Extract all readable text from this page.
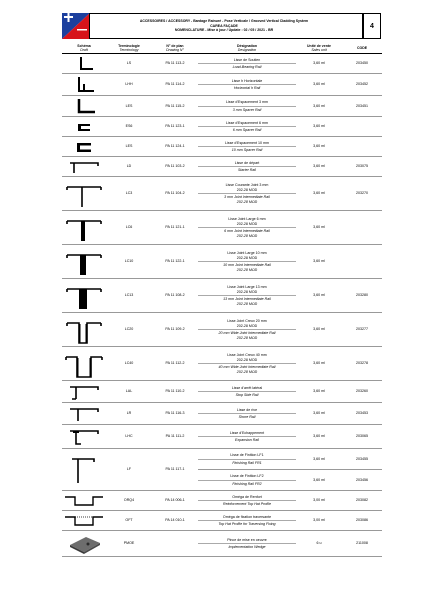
ACCESSOIRES / ACCESSORY - Bardage Rainuré - Pose Verticale / Grooved Vertical Cladding System
CAREA FAÇADE
NOMENCLATURE - Mise à jour / Update : 02 / 05 / 2021 - BR
4
Schéma
Draft	Terminologie
Terminology	N° de plan
Drawing N°	Désignation
Designation	Unité de vente
Sales unit	CODE

	LS	PA 11 113-2	Lisse de Soutien
Load-Bearing Rail	3,60 ml	203450

	LHH	PA 11 114-2	Lisse h Horizontale
Horizontal h Rail	3,60 ml	203452

	LES	PA 11 115-2	Lisse d'Espacement 3 mm
3 mm Spacer Rail	3,60 ml	203451

	ES6	PA 11 123-1	Lisse d'Espacement 6 mm
6 mm Spacer Rail	3,60 ml	

	LES	PA 11 124-1	Lisse d'Espacement 10 mm
10 mm Spacer Rail	3,60 ml	

	LD	PA 11 103-2	Lisse de départ
Starter Rail	3,60 ml	203075

	LC3	PA 11 104-2	Lisse Courante Joint 3 mm
202-28 MOD
3 mm Joint Intermediate Rail
202-28 MOD	3,60 ml	203270

	LC6	PA 11 121-1	Lisse Joint Large 6 mm
202-28 MOD
6 mm Joint Intermediate Rail
202-28 MOD	3,60 ml	

	LC10	PA 11 122-1	Lisse Joint Large 10 mm
202-28 MOD
10 mm Joint Intermediate Rail
202-28 MOD	3,60 ml	

	LC13	PA 11 108-2	Lisse Joint Large 13 mm
202-28 MOD
13 mm Joint Intermediate Rail
202-28 MOD	3,60 ml	203280

	LC20	PA 11 109-2	Lisse Joint Creux 20 mm
202-28 MOD
20 mm Wide Joint Intermediate Rail
202-28 MOD	3,60 ml	203277

	LC40	PA 11 112-2	Lisse Joint Creux 40 mm
202-28 MOD
40 mm Wide Joint Intermediate Rail
202-28 MOD	3,60 ml	203278

	LAL	PA 11 110-2	Lisse d'arrêt latéral
Stop Side Rail	3,60 ml	203260

	LR	PA 11 116-3	Lisse de rive
Shore Rail	3,60 ml	203453

	LHC	PA 11 111-2	Lisse d'Echappement
Expansion Rail	3,60 ml	203065

	LF	PA 11 117-1	Lisse de Finition LF1
Finishing Rail FR1	3,60 ml	203455

			Lisse de Finition LF2
Finishing Rail FR2	3,60 ml	203456

	ORQ4	PA 14 006-1	Oméga de Renfort
Reinforcement Top Hat Profile	3,00 ml	203082

	OFT	PA 14 010-1	Oméga de fixation traversante
Top Hat Profile for Traversing Fixing	3,00 ml	203086

	PMOE		Pince de mise en oeuvre
Implementation Wedge	6 u	211008
